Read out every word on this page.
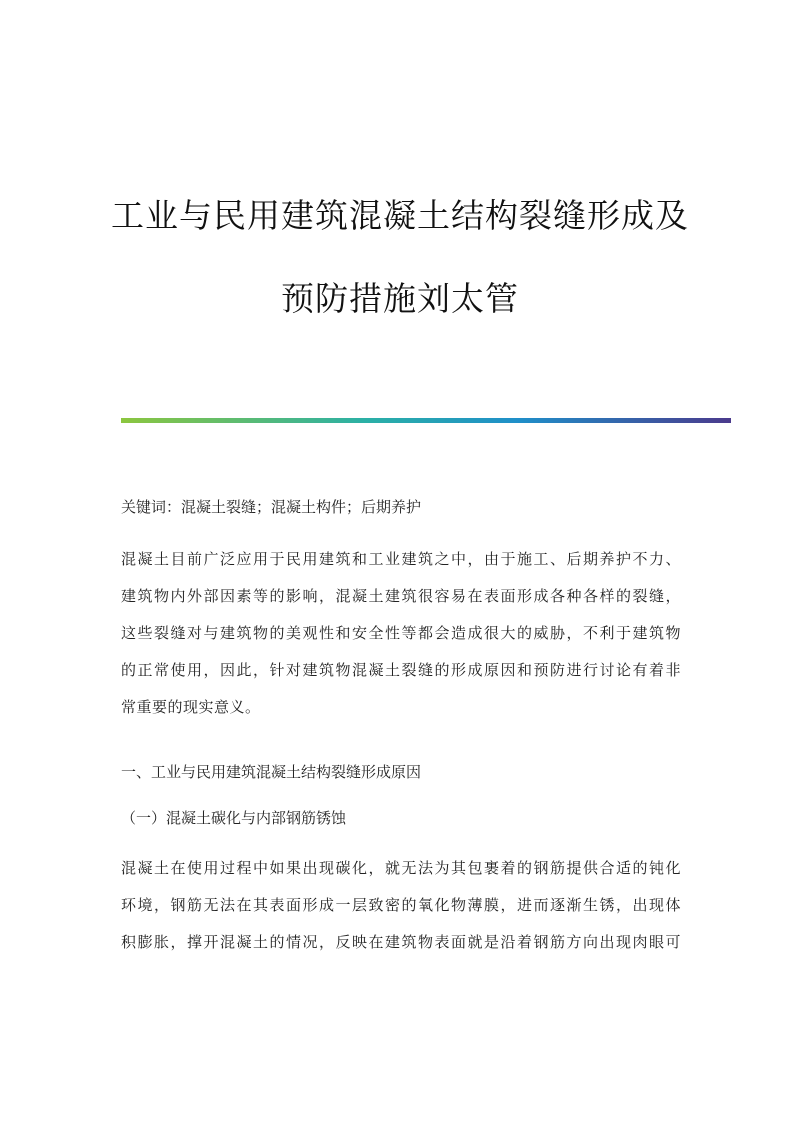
工业与民用建筑混凝土结构裂缝形成及
预防措施刘太管
关键词：混凝土裂缝；混凝土构件；后期养护
混凝土目前广泛应用于民用建筑和工业建筑之中，由于施工、后期养护不力、
建筑物内外部因素等的影响，混凝土建筑很容易在表面形成各种各样的裂缝，
这些裂缝对与建筑物的美观性和安全性等都会造成很大的威胁，不利于建筑物
的正常使用，因此，针对建筑物混凝土裂缝的形成原因和预防进行讨论有着非
常重要的现实意义。
一、工业与民用建筑混凝土结构裂缝形成原因
（一）混凝土碳化与内部钢筋锈蚀
混凝土在使用过程中如果出现碳化，就无法为其包裹着的钢筋提供合适的钝化
环境，钢筋无法在其表面形成一层致密的氧化物薄膜，进而逐渐生锈，出现体
积膨胀，撑开混凝土的情况，反映在建筑物表面就是沿着钢筋方向出现肉眼可
